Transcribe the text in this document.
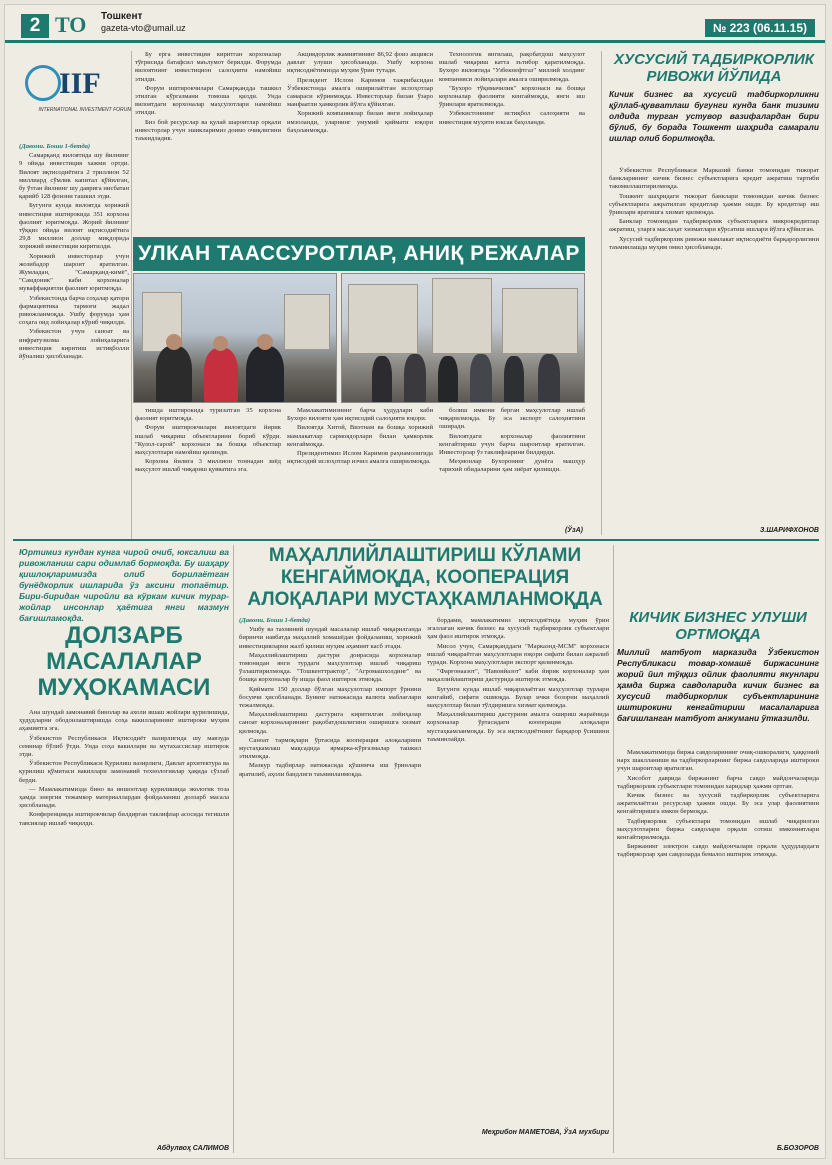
2 TO Тошкент
gazeta-vto@umail.uz	№ 223 (06.11.15)
IIF
INTERNATIONAL INVESTMENT FORUM

(Давоми. Боши 1-бетда)

Самарқанд вилоятида шу йилнинг 9 ойида инвестиция хажми ортди. Вилоят иқтисодиётига 2 триллион 52 миллиард сўмлик капитал қўйилган, бу ўтган йилнинг шу даврига нисбатан қарийб 128 фоизни ташкил этди.

Бугунги кунда вилоятда хорижий инвестиция иштирокида 351 корхона фаолият юритмоқда. Жорий йилнинг тўққиз ойида вилоят иқтисодиётига 29,8 миллион доллар миқдорида хорижий инвестиция киритилди.

Хорижий инвесторлар учун жозибадор шароит яратилган. Жумладан, "Самарқанд-кимё", "Самдоник" каби корхоналар муваффақиятли фаолият юритмоқда.

Узбекистонда барча соҳалар қатори фармацевтика тармоғи жадал ривожланмоқда. Ушбу форумда ҳам соҳага оид лойиҳалар кўриб чиқилди.

Узбекистон учун саноат ва инфратузилма лойиҳаларига инвестиция киритиш истиқболли йўналиш ҳисобланади.

Бу ерга инвестиция киритган корхоналар тўғрисида батафсил маълумот берилди. Форумда вилоятнинг инвестицион салоҳияти намойиш этилди.

Форум иштирокчилари Самарқандда ташкил этилган кўргазмани томоша қилди. Унда вилоятдаги корхоналар маҳсулотлари намойиш этилди.

Биз бой ресурслар ва қулай шароитлар орқали инвесторлар учун эшикларимиз доимо очиқлигини таъкидладик.

Акциядорлик жамиятининг 86,92 фоиз акцияси давлат улуши ҳисобланади. Ушбу корхона иқтисодиётимизда муҳим ўрин тутади.

Президент Ислом Каримов тажрибасидан Ўзбекистонда амалга оширилаётган ислоҳотлар самараси кўринмоқда. Инвесторлар билан ўзаро манфаатли ҳамкорлик йўлга қўйилган.

Хорижий компаниялар билан янги лойиҳалар имзоланди, уларнинг умумий қиймати юқори баҳоланмоқда.

Технологик янгилаш, рақобатдош маҳсулот ишлаб чиқариш катта эътибор қаратилмоқда. Бухоро вилоятида "Узбекнефтгаз" миллий холдинг компанияси лойиҳалари амалга оширилмоқда.

"Бухоро тўқимачилик" корхонаси ва бошқа корхоналар фаолияти кенгаймоқда, янги иш ўринлари яратилмоқда.

Узбекистоннинг истиқбол салоҳияти ва инвестиция муҳити юксак баҳоланди.

УЛКАН ТААССУРОТЛАР, АНИҚ РЕЖАЛАР

тишда иштирокида туризатган 35 корхона фаолият юритмоқда.

Форум иштирокчилари вилоятдаги йирик ишлаб чиқариш объектларини бориб кўрди. "Кулол-сарой" корхонаси ва бошқа объектлар маҳсулотлари намойиш қилинди.

Корхона йилига 3 миллион тоннадан зиёд маҳсулот ишлаб чиқариш қувватига эга.

Мамлакатимизнинг барча ҳудудлари каби Бухоро вилояти ҳам иқтисодий салоҳияти юқори.

Вилоятда Хитой, Виэтнам ва бошқа хорижий мамлакатлар сармоядорлари билан ҳамкорлик кенгаймоқда.

Президентимиз Ислом Каримов раҳнамолигида иқтисодий ислоҳотлар изчил амалга оширилмоқда.

болиш имкони берган маҳсулотлар ишлаб чиқарилмоқда. Бу эса экспорт салоҳиятини оширади.

Вилоятдаги корхоналар фаолиятини кенгайтириш учун барча шароитлар яратилган. Инвесторлар ўз таклифларини билдирди.

Меҳмонлар Бухоронинг дунёга машҳур тарихий обидаларини ҳам зиёрат қилишди.

(ЎзА)
ХУСУСИЙ ТАДБИРКОРЛИК РИВОЖИ ЙЎЛИДА
Кичик бизнес ва хусусий тадбиркорликни қўллаб-қувватлаш бугунги кунда банк тизими олдида турган устувор вазифалардан бири бўлиб, бу борада Тошкент шаҳрида самарали ишлар олиб борилмоқда.

Ўзбекистон Республикаси Марказий банки томонидан тижорат банкларининг кичик бизнес субъектларига кредит ажратиш тартиби такомиллаштирилмоқда.

Тошкент шаҳридаги тижорат банклари томонидан кичик бизнес субъектларига ажратилган кредитлар ҳажми ошди. Бу кредитлар иш ўринлари яратишга хизмат қилмоқда.

Банклар томонидан тадбиркорлик субъектларига микрокредитлар ажратиш, уларга маслаҳат хизматлари кўрсатиш ишлари йўлга қўйилган.

Хусусий тадбиркорлик ривожи мамлакат иқтисодиёти барқарорлигини таъминлашда муҳим омил ҳисобланади.

З.ШАРИФХОНОВ
Юртимиз кундан кунга чирой очиб, юксалиш ва ривожланиш сари одимлаб бормоқда. Бу шаҳару қишлоқларимизда олиб борилаётган бунёдкорлик ишларида ўз аксини топаётир. Бири-биридан чиройли ва кўркам кичик турар-жойлар инсонлар ҳаётига янги мазмун бағишламоқда.
ДОЛЗАРБ МАСАЛАЛАР МУҲОКАМАСИ

Ана шундай замонавий бинолар ва ахоли яшаш жойлари қурилишида, ҳудудларни ободонлаштиришда соҳа вакилларининг иштироки муҳим аҳамиятга эга.

Ўзбекистон Республикаси Иқтисодиёт вазирлигида шу мавзуда семинар бўлиб ўтди. Унда соҳа вакиллари ва мутахассислар иштирок этди.

Ўзбекистон Республикаси Қурилиш вазирлиги, Давлат архитектура ва қурилиш қўмитаси вакиллари замонавий технологиялар ҳақида сўзлаб берди.

— Мамлакатимизда бино ва иншоотлар қурилишида экологик тоза ҳамда энергия тежамкор материаллардан фойдаланиш долзарб масала ҳисобланади.

Конференцияда иштирокчилар билдирган таклифлар асосида тегишли тавсиялар ишлаб чиқилди.

Абдулвоҳ САЛИМОВ
МАҲАЛЛИЙЛАШТИРИШ КЎЛАМИ КЕНГАЙМОҚДА, КООПЕРАЦИЯ АЛОҚАЛАРИ МУСТАҲКАМЛАНМОҚДА

(Давоми. Боши 1-бетда)

Ушбу ва тахминий шундай масалалар ишлаб чиқарилганда биринчи навбатда маҳаллий хомашёдан фойдаланиш, хорижий инвестицияларни жалб қилиш муҳим аҳамият касб этади.

Маҳаллийлаштириш дастури доирасида корхоналар томонидан янги турдаги маҳсулотлар ишлаб чиқариш ўзлаштирилмоқда. "Тошкенттрактор", "Агромашхолдинг" ва бошқа корхоналар бу ишда фаол иштирок этмоқда.

Қиймати 150 доллар бўлган маҳсулотлар импорт ўрнини босувчи ҳисобланади. Бунинг натижасида валюта маблағлари тежалмоқда.

Маҳаллийлаштириш дастурига киритилган лойиҳалар саноат корхоналарининг рақобатдошлигини оширишга хизмат қилмоқда.

Саноат тармоқлари ўртасида кооперация алоқаларини мустаҳкамлаш мақсадида ярмарка-кўргазмалар ташкил этилмоқда.

Мазкур тадбирлар натижасида қўшимча иш ўринлари яратилиб, аҳоли бандлиги таъминланмоқда.

бордами, мамлакатимиз иқтисодиётида муҳим ўрин эгаллаган кичик бизнес ва хусусий тадбиркорлик субъектлари ҳам фаол иштирок этмоқда.

Мисол учун, Самарқанддаги "Маркаэнд-МСМ" корхонаси ишлаб чиқараётган маҳсулотлари юқори сифати билан ажралиб туради. Корхона маҳсулотлари экспорт қилинмоқда.

"Фарғонаазот", "Навоийазот" каби йирик корхоналар ҳам маҳаллийлаштириш дастурида иштирок этмоқда.

Бугунги кунда ишлаб чиқарилаётган маҳсулотлар турлари кенгайиб, сифати ошмоқда. Булар ички бозорни маҳаллий маҳсулотлар билан тўлдиришга хизмат қилмоқда.

Маҳаллийлаштириш дастурини амалга ошириш жараёнида корхоналар ўртасидаги кооперация алоқалари мустаҳкамланмоқда. Бу эса иқтисодиётнинг барқарор ўсишини таъминлайди.

Меҳрибон МАМЕТОВА, ЎзА мухбири
КИЧИК БИЗНЕС УЛУШИ ОРТМОҚДА
Миллий матбуот марказида Ўзбекистон Республикаси товар-хомашё биржасининг жорий йил тўққиз ойлик фаолияти якунлари ҳамда биржа савдоларида кичик бизнес ва хусусий тадбиркорлик субъектларининг иштирокини кенгайтириш масалаларига бағишланган матбуот анжумани ўтказилди.

Мамлакатимизда биржа савдоларининг очиқ-ошкоралиги, ҳаққоний нарх шаклланиши ва тадбиркорларнинг биржа савдоларида иштироки учун шароитлар яратилган.

Хисобот даврида биржанинг барча савдо майдончаларида тадбиркорлик субъектлари томонидан харидлар ҳажми ортган.

Кичик бизнес ва хусусий тадбиркорлик субъектларига ажратилаётган ресурслар ҳажми ошди. Бу эса улар фаолиятини кенгайтиришга имкон бермоқда.

Тадбиркорлик субъектлари томонидан ишлаб чиқарилган маҳсулотларни биржа савдолари орқали сотиш имкониятлари кенгайтирилмоқда.

Биржанинг электрон савдо майдончалари орқали ҳудудлардаги тадбиркорлар ҳам савдоларда бемалол иштирок этмоқда.

Б.БОЗОРОВ
